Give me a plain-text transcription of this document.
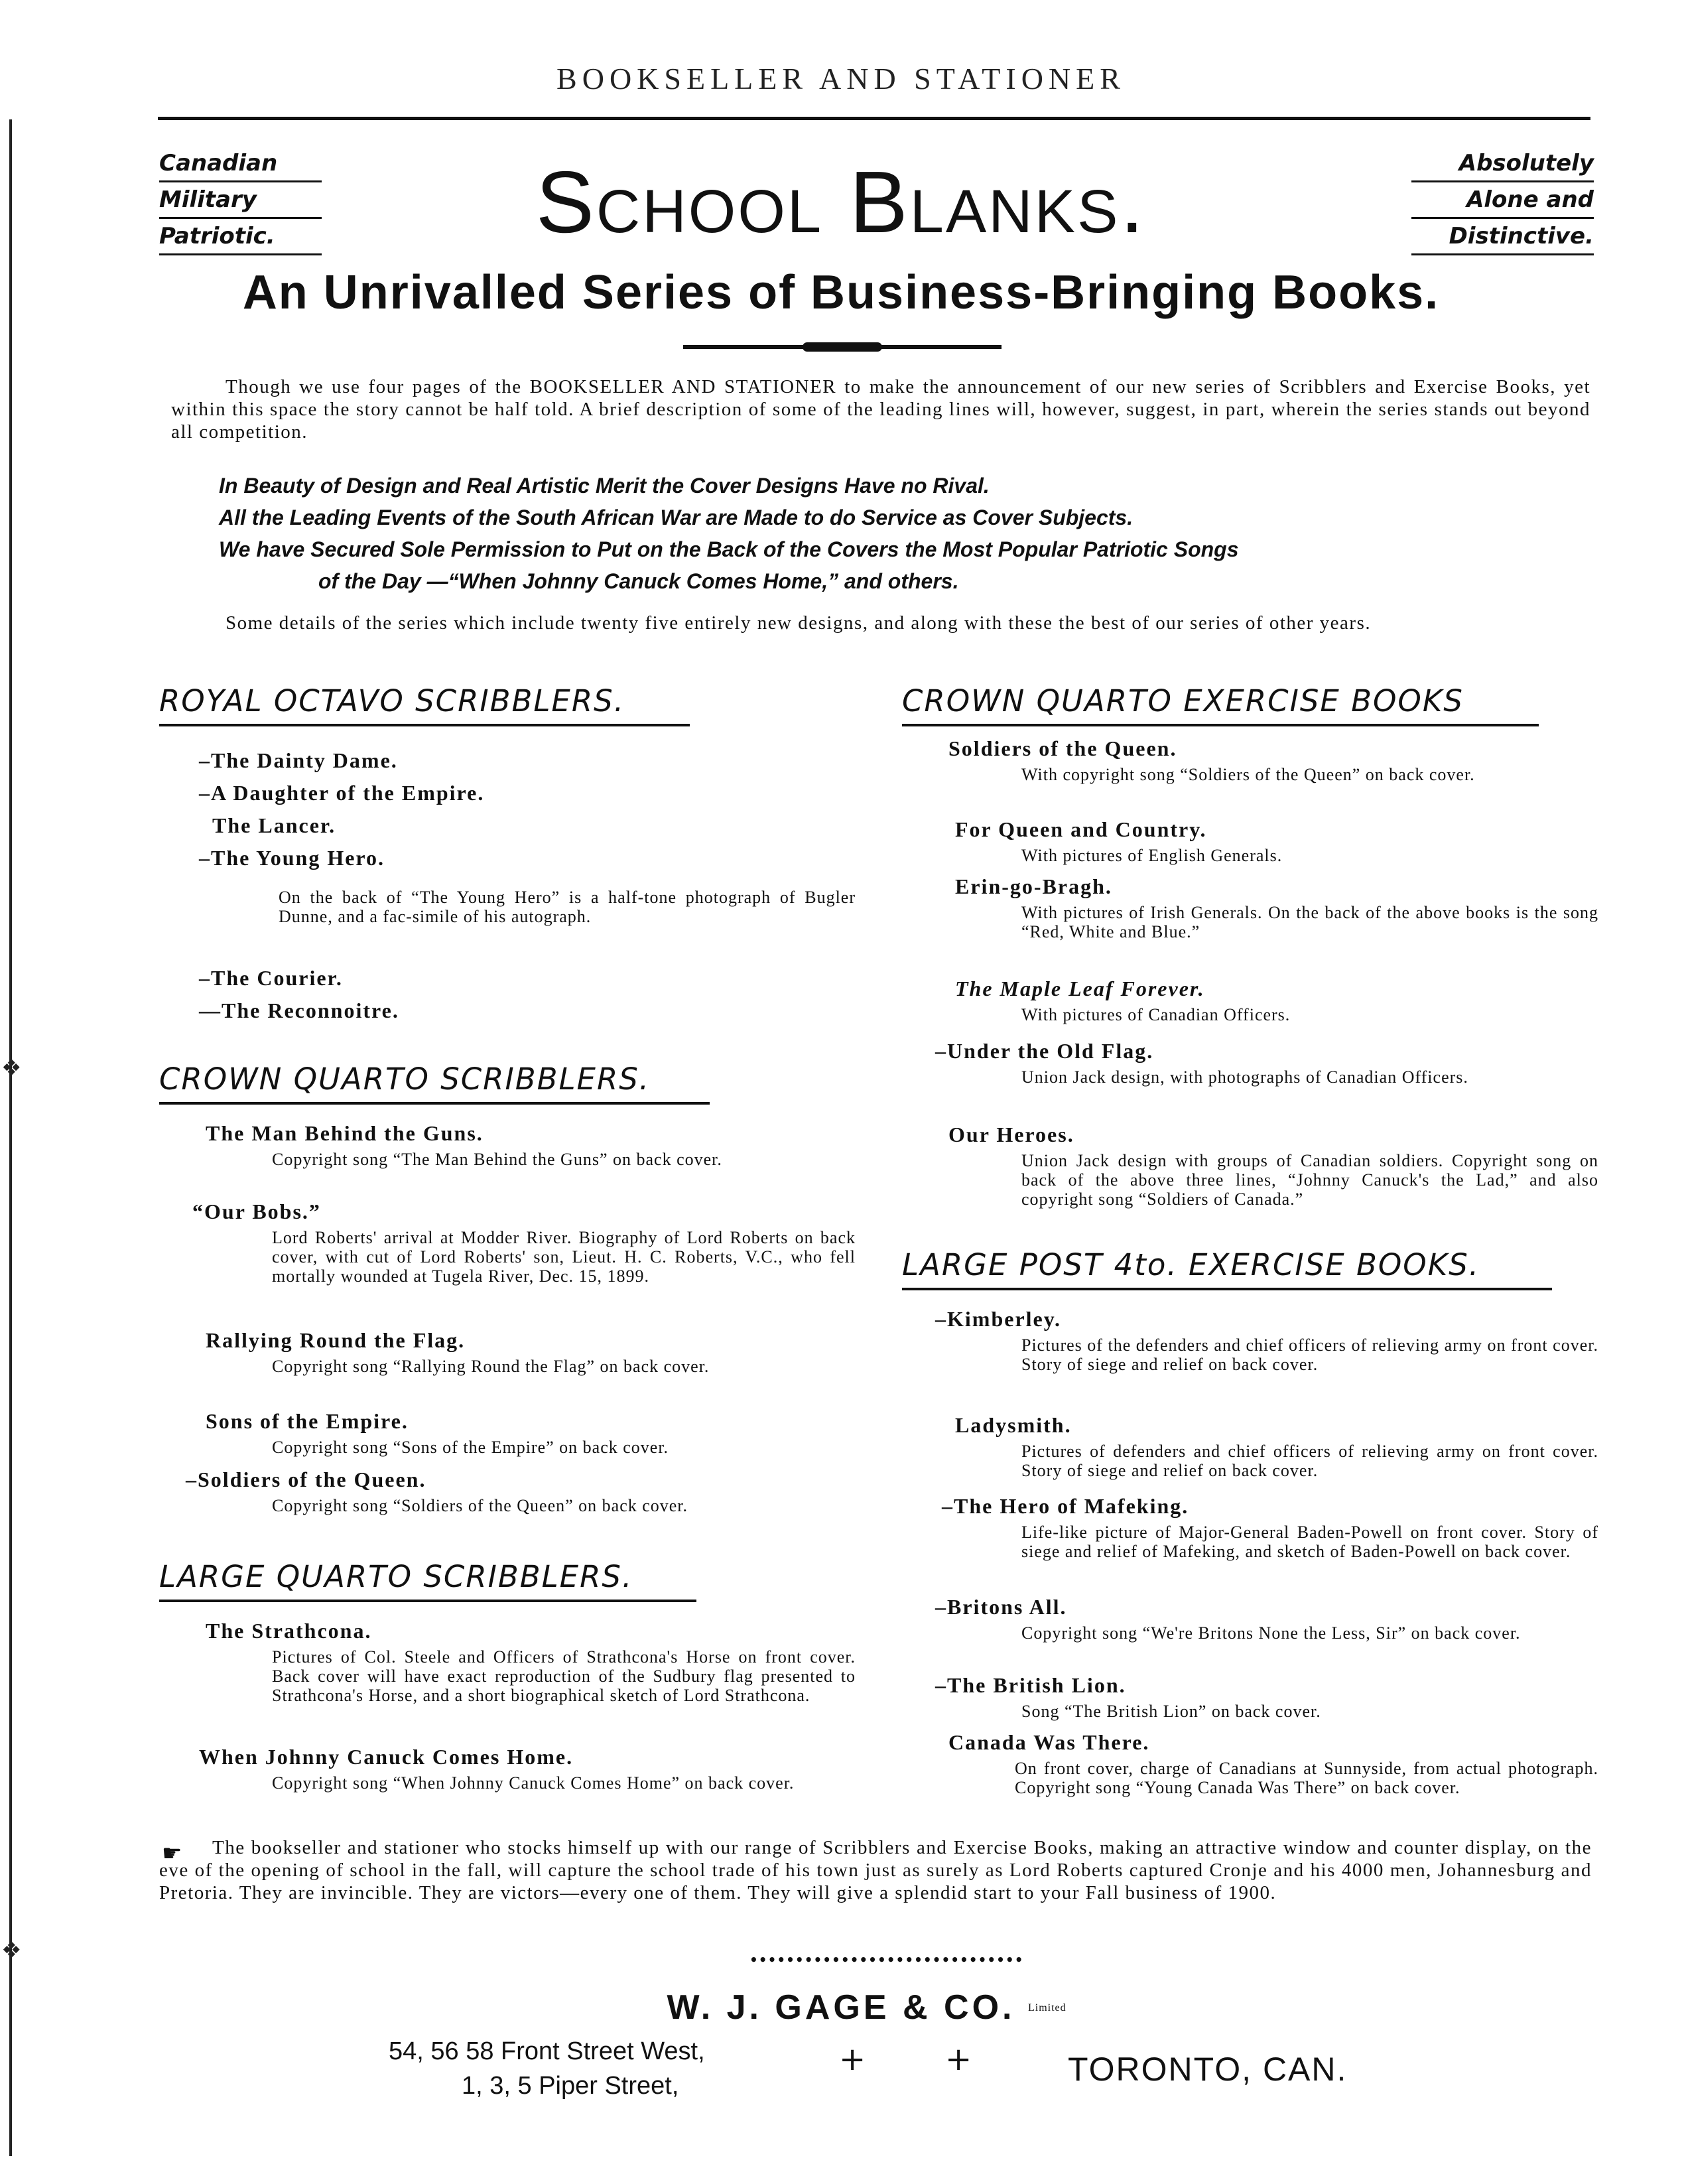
❖
❖
BOOKSELLER AND STATIONER
Canadian
Military
Patriotic.	School Blanks.	Absolutely
Alone and
Distinctive.
An Unrivalled Series of Business-Bringing Books.
Though we use four pages of the BOOKSELLER AND STATIONER to make the announcement of our new series of Scribblers and Exercise Books, yet within this space the story cannot be half told. A brief description of some of the leading lines will, however, suggest, in part, wherein the series stands out beyond all competition.

In Beauty of Design and Real Artistic Merit the Cover Designs Have no Rival.

All the Leading Events of the South African War are Made to do Service as Cover Subjects.

We have Secured Sole Permission to Put on the Back of the Covers the Most Popular Patriotic Songs

of the Day —“When Johnny Canuck Comes Home,” and others.

Some details of the series which include twenty five entirely new designs, and along with these the best of our series of other years.
ROYAL OCTAVO SCRIBBLERS.
–The Dainty Dame.
–A Daughter of the Empire.
The Lancer.
–The Young Hero.
On the back of “The Young Hero” is a half-tone photograph of Bugler Dunne, and a fac-simile of his autograph.
–The Courier.
—The Reconnoitre.
CROWN QUARTO SCRIBBLERS.
The Man Behind the Guns.
Copyright song “The Man Behind the Guns” on back cover.
“Our Bobs.”
Lord Roberts' arrival at Modder River. Biography of Lord Roberts on back cover, with cut of Lord Roberts' son, Lieut. H. C. Roberts, V.C., who fell mortally wounded at Tugela River, Dec. 15, 1899.
Rallying Round the Flag.
Copyright song “Rallying Round the Flag” on back cover.
Sons of the Empire.
Copyright song “Sons of the Empire” on back cover.
–Soldiers of the Queen.
Copyright song “Soldiers of the Queen” on back cover.
LARGE QUARTO SCRIBBLERS.
The Strathcona.
Pictures of Col. Steele and Officers of Strathcona's Horse on front cover. Back cover will have exact reproduction of the Sudbury flag presented to Strathcona's Horse, and a short biographical sketch of Lord Strathcona.
When Johnny Canuck Comes Home.
Copyright song “When Johnny Canuck Comes Home” on back cover.
CROWN QUARTO EXERCISE BOOKS
Soldiers of the Queen.
With copyright song “Soldiers of the Queen” on back cover.
For Queen and Country.
With pictures of English Generals.
Erin-go-Bragh.
With pictures of Irish Generals. On the back of the above books is the song “Red, White and Blue.”
The Maple Leaf Forever.
With pictures of Canadian Officers.
–Under the Old Flag.
Union Jack design, with photographs of Canadian Officers.
Our Heroes.
Union Jack design with groups of Canadian soldiers. Copyright song on back of the above three lines, “Johnny Canuck's the Lad,” and also copyright song “Soldiers of Canada.”
LARGE POST 4to. EXERCISE BOOKS.
–Kimberley.
Pictures of the defenders and chief officers of relieving army on front cover. Story of siege and relief on back cover.
Ladysmith.
Pictures of defenders and chief officers of relieving army on front cover. Story of siege and relief on back cover.
–The Hero of Mafeking.
Life-like picture of Major-General Baden-Powell on front cover. Story of siege and relief of Mafeking, and sketch of Baden-Powell on back cover.
–Britons All.
Copyright song “We're Britons None the Less, Sir” on back cover.
–The British Lion.
Song “The British Lion” on back cover.
Canada Was There.
On front cover, charge of Canadians at Sunnyside, from actual photograph. Copyright song “Young Canada Was There” on back cover.
☛	The bookseller and stationer who stocks himself up with our range of Scribblers and Exercise Books, making an attractive window and counter display, on the eve of the opening of school in the fall, will capture the school trade of his town just as surely as Lord Roberts captured Cronje and his 4000 men, Johannesburg and Pretoria. They are invincible. They are victors—every one of them. They will give a splendid start to your Fall business of 1900.
••••••••••••••••••••••••••••••
W. J. GAGE & CO.	Limited
54, 56 58 Front Street West,
1, 3, 5 Piper Street,
+ +	TORONTO, CAN.
